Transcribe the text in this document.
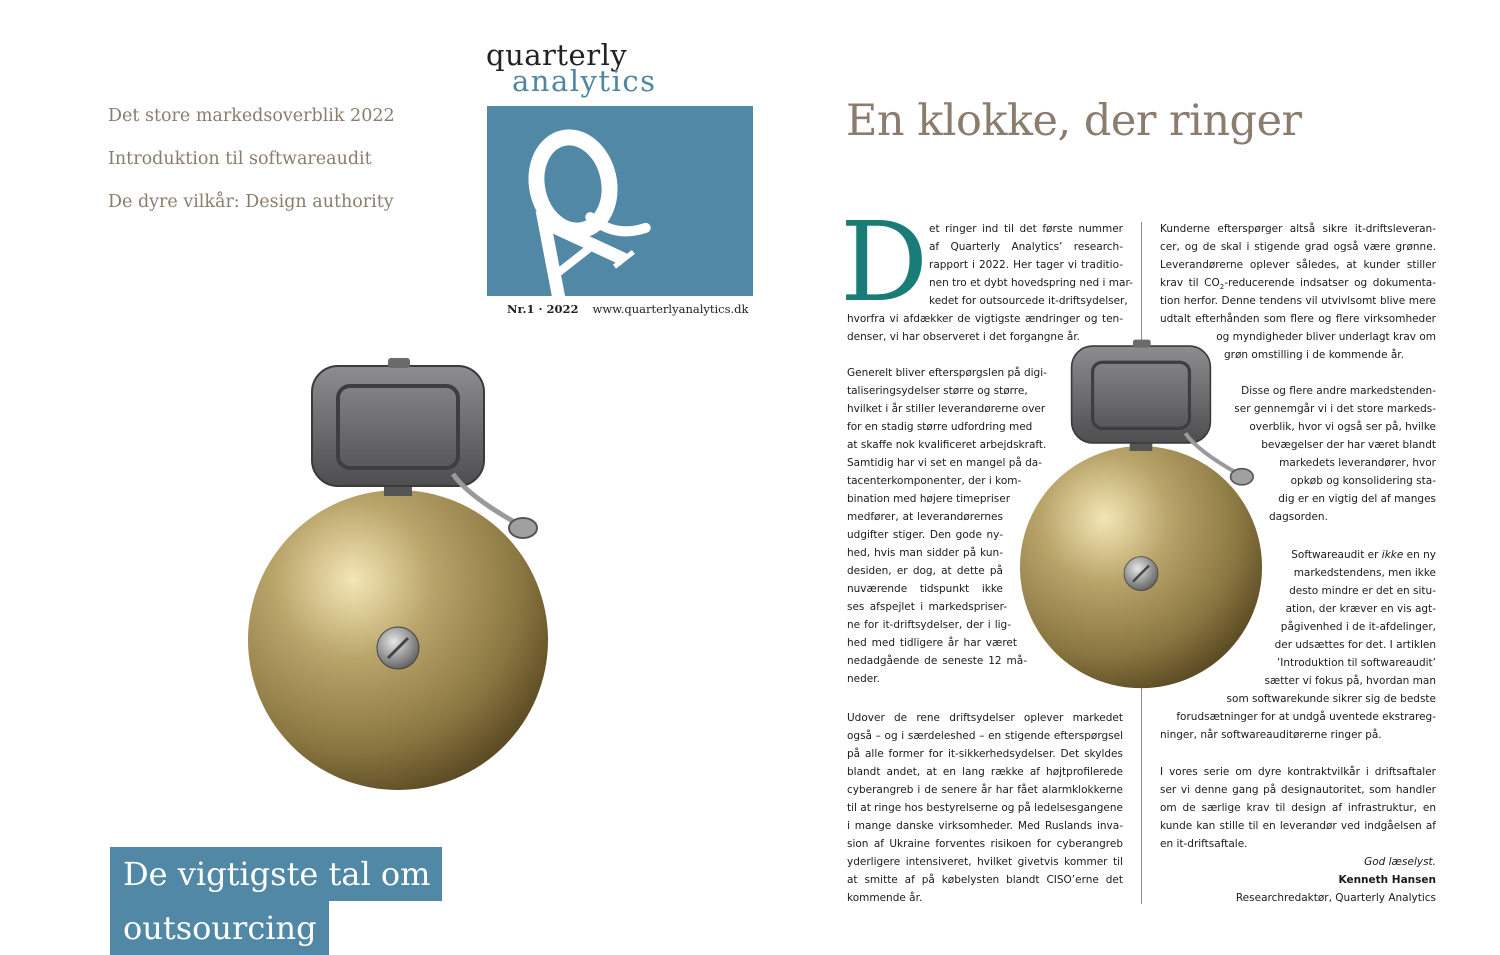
Det store markedsoverblik 2022
Introduktion til softwareaudit
De dyre vilkår: Design authority
quarterly
analytics
Nr.1 · 2022 www.quarterlyanalytics.dk
De vigtigste tal om
outsourcing
En klokke, der ringer
D et ringer ind til det første nummer
af Quarterly Analytics’ research-
rapport i 2022. Her tager vi traditio-
nen tro et dybt hovedspring ned i mar-
kedet for outsourcede it-driftsydelser,
hvorfra vi afdækker de vigtigste ændringer og ten-
denser, vi har observeret i det forgangne år.
Generelt bliver efterspørgslen på digi-
taliseringsydelser større og større,
hvilket i år stiller leverandørerne over
for en stadig større udfordring med
at skaffe nok kvalificeret arbejdskraft.
Samtidig har vi set en mangel på da-
tacenterkomponenter, der i kom-
bination med højere timepriser
medfører, at leverandørernes
udgifter stiger. Den gode ny-
hed, hvis man sidder på kun-
desiden, er dog, at dette på
nuværende tidspunkt ikke
ses afspejlet i markedspriser-
ne for it-driftsydelser, der i lig-
hed med tidligere år har været
nedadgående de seneste 12 må-
neder.
Udover de rene driftsydelser oplever markedet
også – og i særdeleshed – en stigende efterspørgsel
på alle former for it-sikkerhedsydelser. Det skyldes
blandt andet, at en lang række af højtprofilerede
cyberangreb i de senere år har fået alarmklokkerne
til at ringe hos bestyrelserne og på ledelsesgangene
i mange danske virksomheder. Med Ruslands inva-
sion af Ukraine forventes risikoen for cyberangreb
yderligere intensiveret, hvilket givetvis kommer til
at smitte af på købelysten blandt CISO’erne det
kommende år.
Kunderne efterspørger altså sikre it-driftsleveran-
cer, og de skal i stigende grad også være grønne.
Leverandørerne oplever således, at kunder stiller
krav til $CO_2$-reducerende indsatser og dokumenta-
tion herfor. Denne tendens vil utvivlsomt blive mere
udtalt efterhånden som flere og flere virksomheder
og myndigheder bliver underlagt krav om
grøn omstilling i de kommende år.
Disse og flere andre markedstenden-
ser gennemgår vi i det store markeds-
overblik, hvor vi også ser på, hvilke
bevægelser der har været blandt
markedets leverandører, hvor
opkøb og konsolidering sta-
dig er en vigtig del af manges
dagsorden.
Softwareaudit er ikke en ny
markedstendens, men ikke
desto mindre er det en situ-
ation, der kræver en vis agt-
pågivenhed i de it-afdelinger,
der udsættes for det. I artiklen
’Introduktion til softwareaudit’
sætter vi fokus på, hvordan man
som softwarekunde sikrer sig de bedste
forudsætninger for at undgå uventede ekstrareg-
ninger, når softwareauditørerne ringer på.
I vores serie om dyre kontraktvilkår i driftsaftaler
ser vi denne gang på designautoritet, som handler
om de særlige krav til design af infrastruktur, en
kunde kan stille til en leverandør ved indgåelsen af
en it-driftsaftale.
God læselyst.
Kenneth Hansen
Researchredaktør, Quarterly Analytics
